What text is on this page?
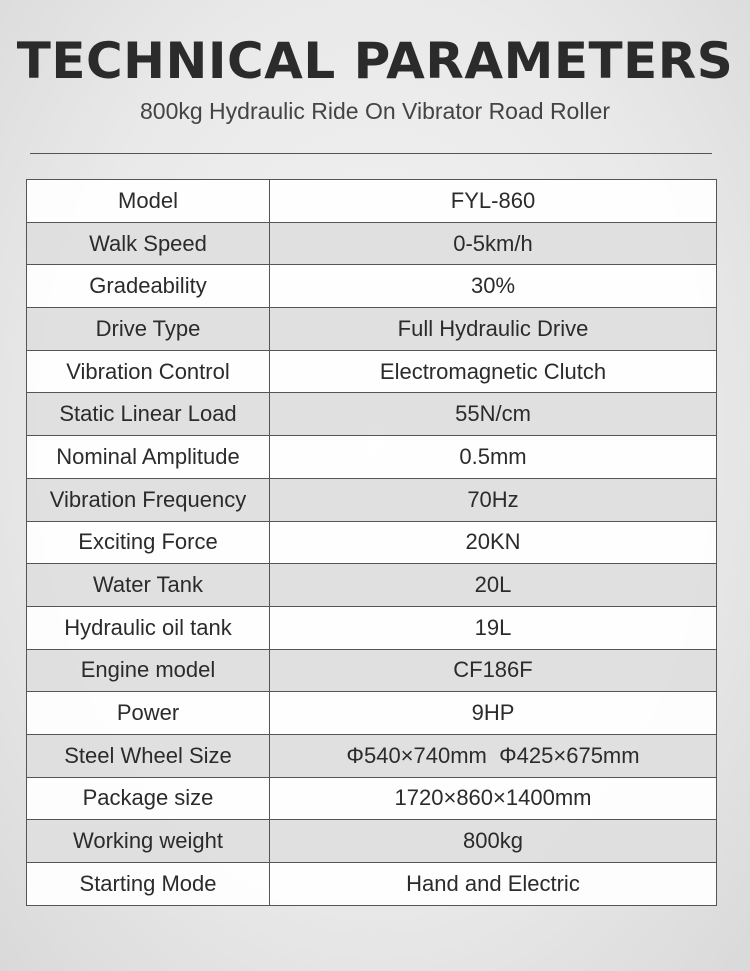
TECHNICAL PARAMETERS
800kg Hydraulic Ride On Vibrator Road Roller
Model	FYL-860
Walk Speed	0-5km/h
Gradeability	30%
Drive Type	Full Hydraulic Drive
Vibration Control	Electromagnetic Clutch
Static Linear Load	55N/cm
Nominal Amplitude	0.5mm
Vibration Frequency	70Hz
Exciting Force	20KN
Water Tank	20L
Hydraulic oil tank	19L
Engine model	CF186F
Power	9HP
Steel Wheel Size	Φ540×740mm  Φ425×675mm
Package size	1720×860×1400mm
Working weight	800kg
Starting Mode	Hand and Electric
